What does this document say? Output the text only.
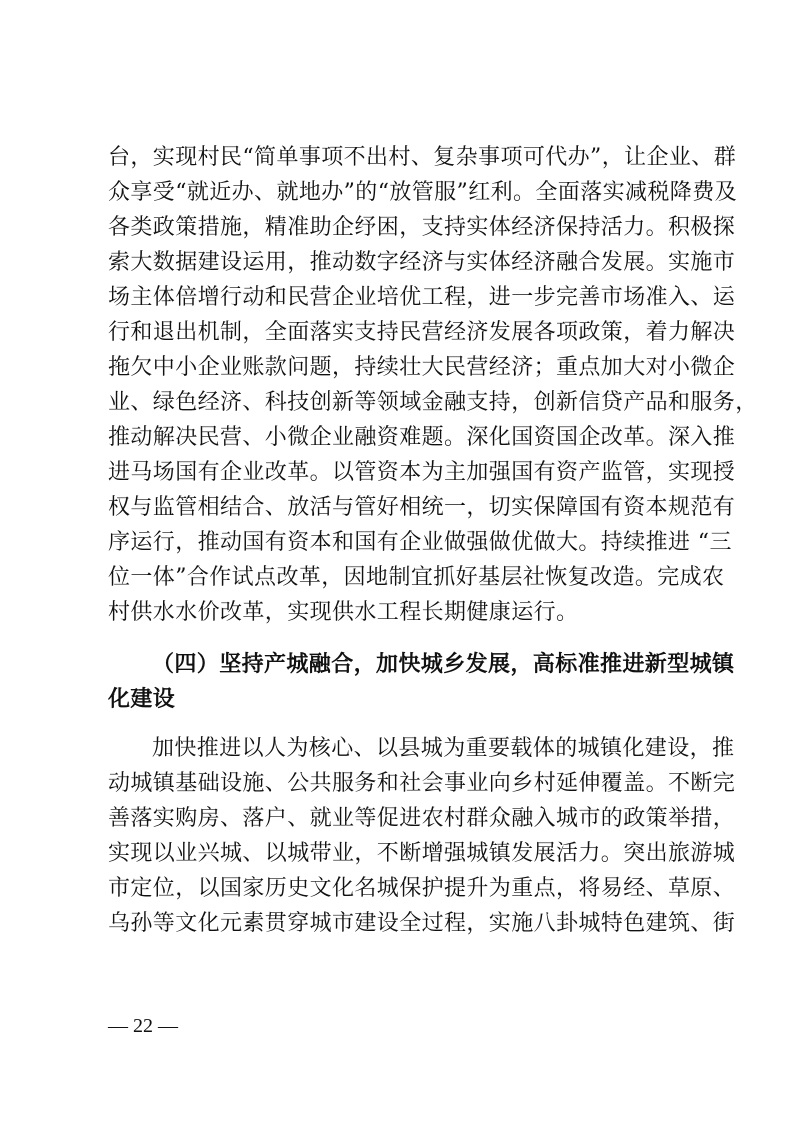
台，实现村民“简单事项不出村、复杂事项可代办”，让企业、群
众享受“就近办、就地办”的“放管服”红利。全面落实减税降费及
各类政策措施，精准助企纾困，支持实体经济保持活力。积极探
索大数据建设运用，推动数字经济与实体经济融合发展。实施市
场主体倍增行动和民营企业培优工程，进一步完善市场准入、运
行和退出机制，全面落实支持民营经济发展各项政策，着力解决
拖欠中小企业账款问题，持续壮大民营经济；重点加大对小微企
业、绿色经济、科技创新等领域金融支持，创新信贷产品和服务，
推动解决民营、小微企业融资难题。深化国资国企改革。深入推
进马场国有企业改革。以管资本为主加强国有资产监管，实现授
权与监管相结合、放活与管好相统一，切实保障国有资本规范有
序运行，推动国有资本和国有企业做强做优做大。持续推进 “三
位一体”合作试点改革，因地制宜抓好基层社恢复改造。完成农
村供水水价改革，实现供水工程长期健康运行。
（四）坚持产城融合，加快城乡发展，高标准推进新型城镇
化建设
加快推进以人为核心、以县城为重要载体的城镇化建设，推
动城镇基础设施、公共服务和社会事业向乡村延伸覆盖。不断完
善落实购房、落户、就业等促进农村群众融入城市的政策举措，
实现以业兴城、以城带业，不断增强城镇发展活力。突出旅游城
市定位，以国家历史文化名城保护提升为重点，将易经、草原、
乌孙等文化元素贯穿城市建设全过程，实施八卦城特色建筑、街
— 22 —
